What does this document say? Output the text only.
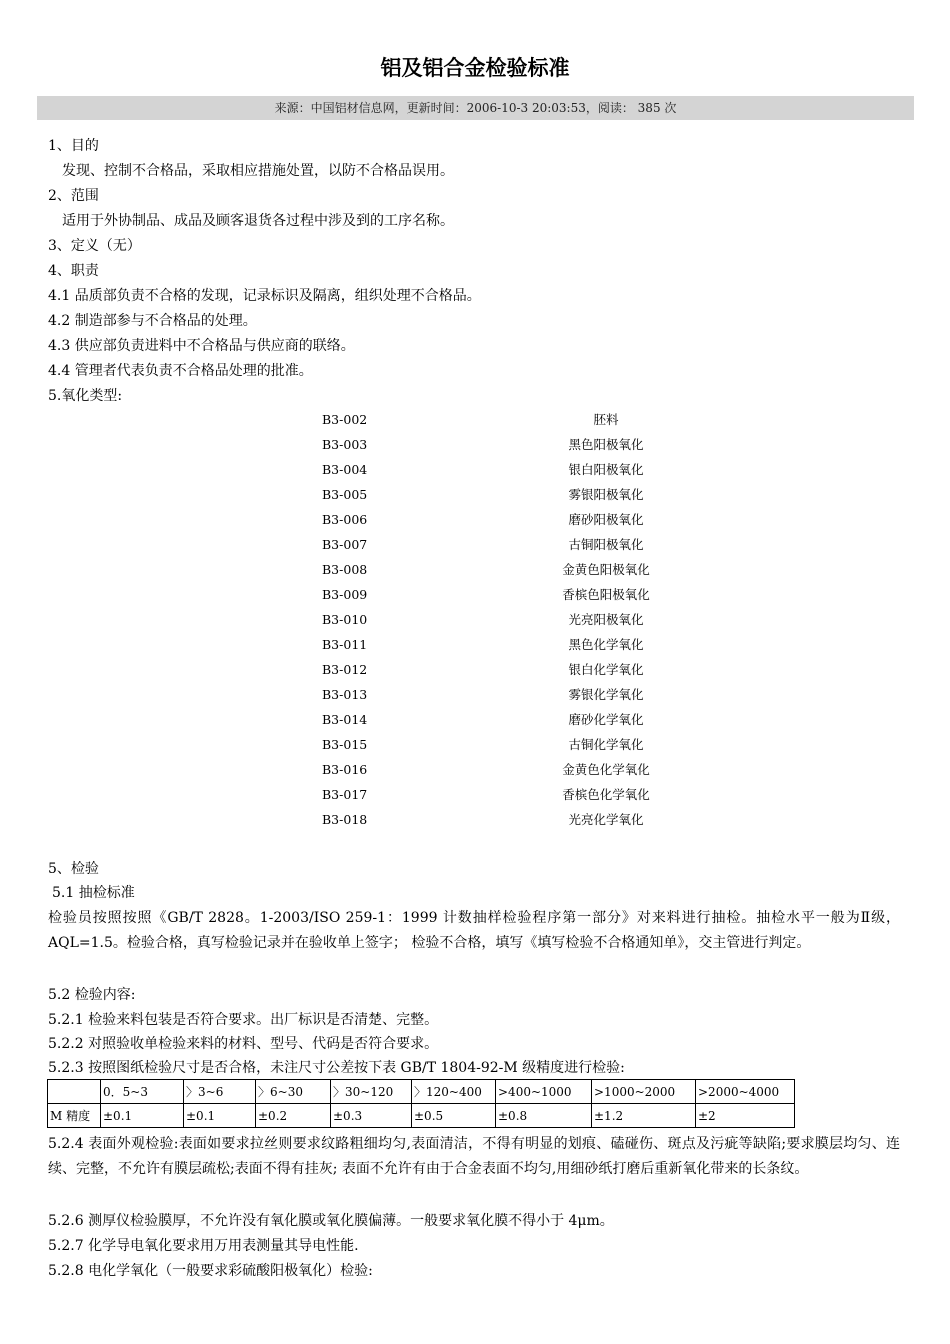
铝及铝合金检验标准
来源：中国铝材信息网，更新时间：2006-10-3 20:03:53，阅读： 385 次
1、目的
发现、控制不合格品，采取相应措施处置，以防不合格品误用。
2、范围
适用于外协制品、成品及顾客退货各过程中涉及到的工序名称。
3、定义（无）
4、职责
4.1 品质部负责不合格的发现，记录标识及隔离，组织处理不合格品。
4.2 制造部参与不合格品的处理。
4.3 供应部负责进料中不合格品与供应商的联络。
4.4 管理者代表负责不合格品处理的批准。
5.氧化类型:
B3-002	胚料
B3-003	黑色阳极氧化
B3-004	银白阳极氧化
B3-005	雾银阳极氧化
B3-006	磨砂阳极氧化
B3-007	古铜阳极氧化
B3-008	金黄色阳极氧化
B3-009	香槟色阳极氧化
B3-010	光亮阳极氧化
B3-011	黑色化学氧化
B3-012	银白化学氧化
B3-013	雾银化学氧化
B3-014	磨砂化学氧化
B3-015	古铜化学氧化
B3-016	金黄色化学氧化
B3-017	香槟色化学氧化
B3-018	光亮化学氧化
5、检验
5.1 抽检标准
检验员按照按照《GB/T 2828。1-2003/ISO 259-1：1999 计数抽样检验程序第一部分》对来料进行抽检。抽检水平一般为Ⅱ级，AQL=1.5。检验合格，真写检验记录并在验收单上签字； 检验不合格，填写《填写检验不合格通知单》，交主管进行判定。
5.2 检验内容:
5.2.1 检验来料包装是否符合要求。出厂标识是否清楚、完整。
5.2.2 对照验收单检验来料的材料、型号、代码是否符合要求。
5.2.3 按照图纸检验尺寸是否合格，未注尺寸公差按下表 GB/T 1804-92-M 级精度进行检验:
	0．5~3	〉3~6	〉6~30	〉30~120	〉120~400	>400~1000	>1000~2000	>2000~4000
M 精度	±0.1	±0.1	±0.2	±0.3	±0.5	±0.8	±1.2	±2
5.2.4 表面外观检验:表面如要求拉丝则要求纹路粗细均匀,表面清洁，不得有明显的划痕、磕碰伤、斑点及污疵等缺陷;要求膜层均匀、连续、完整，不允许有膜层疏松;表面不得有挂灰; 表面不允许有由于合金表面不均匀,用细砂纸打磨后重新氧化带来的长条纹。
5.2.6 测厚仪检验膜厚，不允许没有氧化膜或氧化膜偏薄。一般要求氧化膜不得小于 4μm。
5.2.7 化学导电氧化要求用万用表测量其导电性能.
5.2.8 电化学氧化（一般要求彩硫酸阳极氧化）检验:
